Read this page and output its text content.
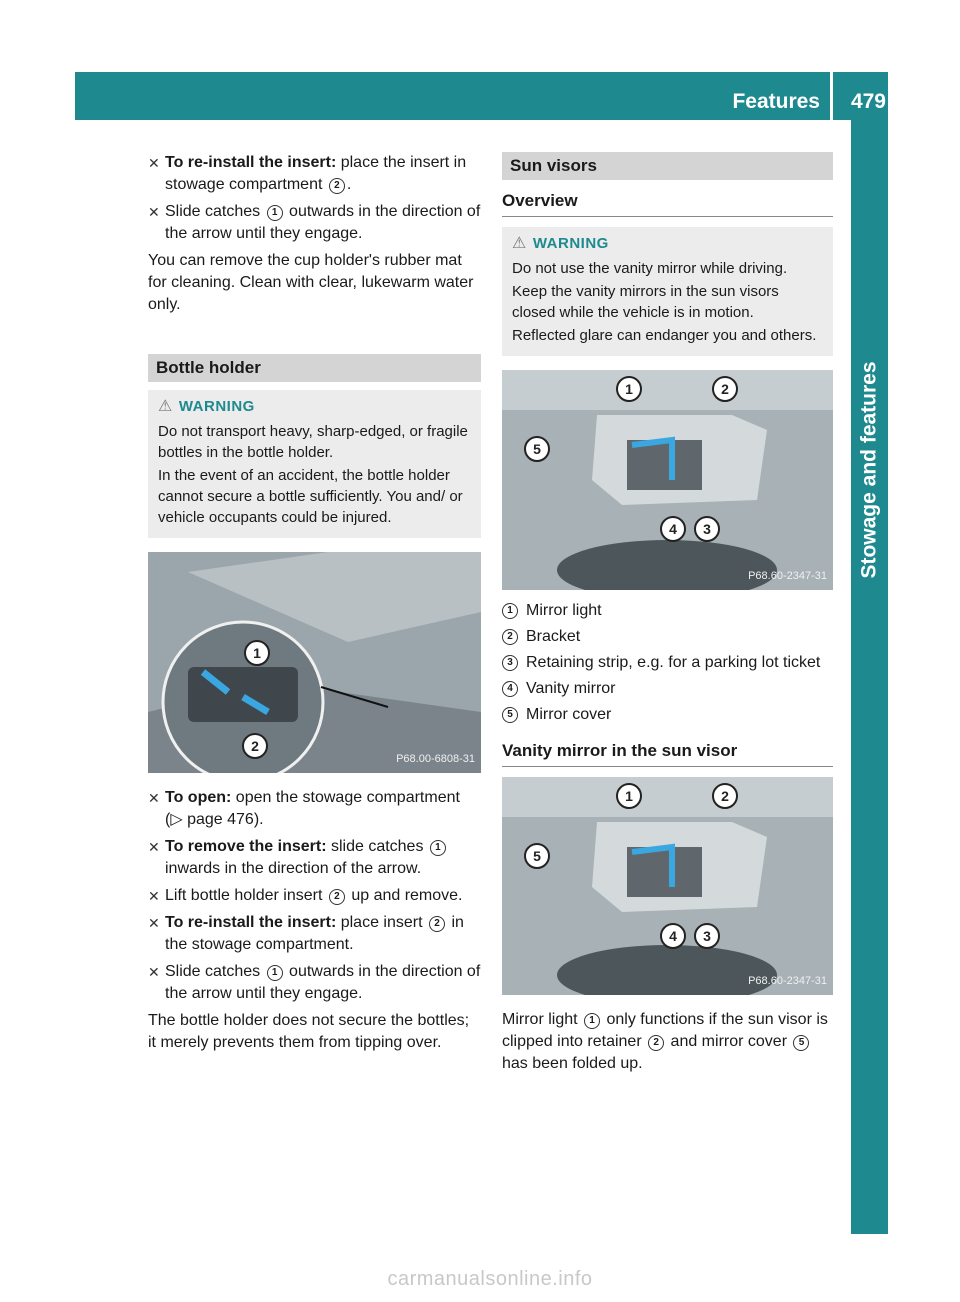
Features 479
Stowage and features
✕ To re-install the insert: place the insert in stowage compartment 2 .
✕ Slide catches 1 outwards in the direction of the arrow until they engage.

You can remove the cup holder's rubber mat for cleaning. Clean with clear, lukewarm water only.

Bottle holder
⚠ WARNING

Do not transport heavy, sharp-edged, or fragile bottles in the bottle holder.

In the event of an accident, the bottle holder cannot secure a bottle sufficiently. You and/ or vehicle occupants could be injured.

1
2
P68.00-6808-31
✕ To open: open the stowage compartment (▷ page 476).
✕ To remove the insert: slide catches 1 inwards in the direction of the arrow.
✕ Lift bottle holder insert 2 up and remove.
✕ To re-install the insert: place insert 2 in the stowage compartment.
✕ Slide catches 1 outwards in the direction of the arrow until they engage.

The bottle holder does not secure the bottles; it merely prevents them from tipping over.

Sun visors
Overview
⚠ WARNING

Do not use the vanity mirror while driving.

Keep the vanity mirrors in the sun visors closed while the vehicle is in motion.

Reflected glare can endanger you and others.

1	2
3
4
5
P68.60-2347-31
1 Mirror light
2 Bracket
3 Retaining strip, e.g. for a parking lot ticket
4 Vanity mirror
5 Mirror cover
Vanity mirror in the sun visor
1	2
3
4
5
P68.60-2347-31

Mirror light 1 only functions if the sun visor is clipped into retainer 2 and mirror cover 5 has been folded up.

carmanualsonline.info
